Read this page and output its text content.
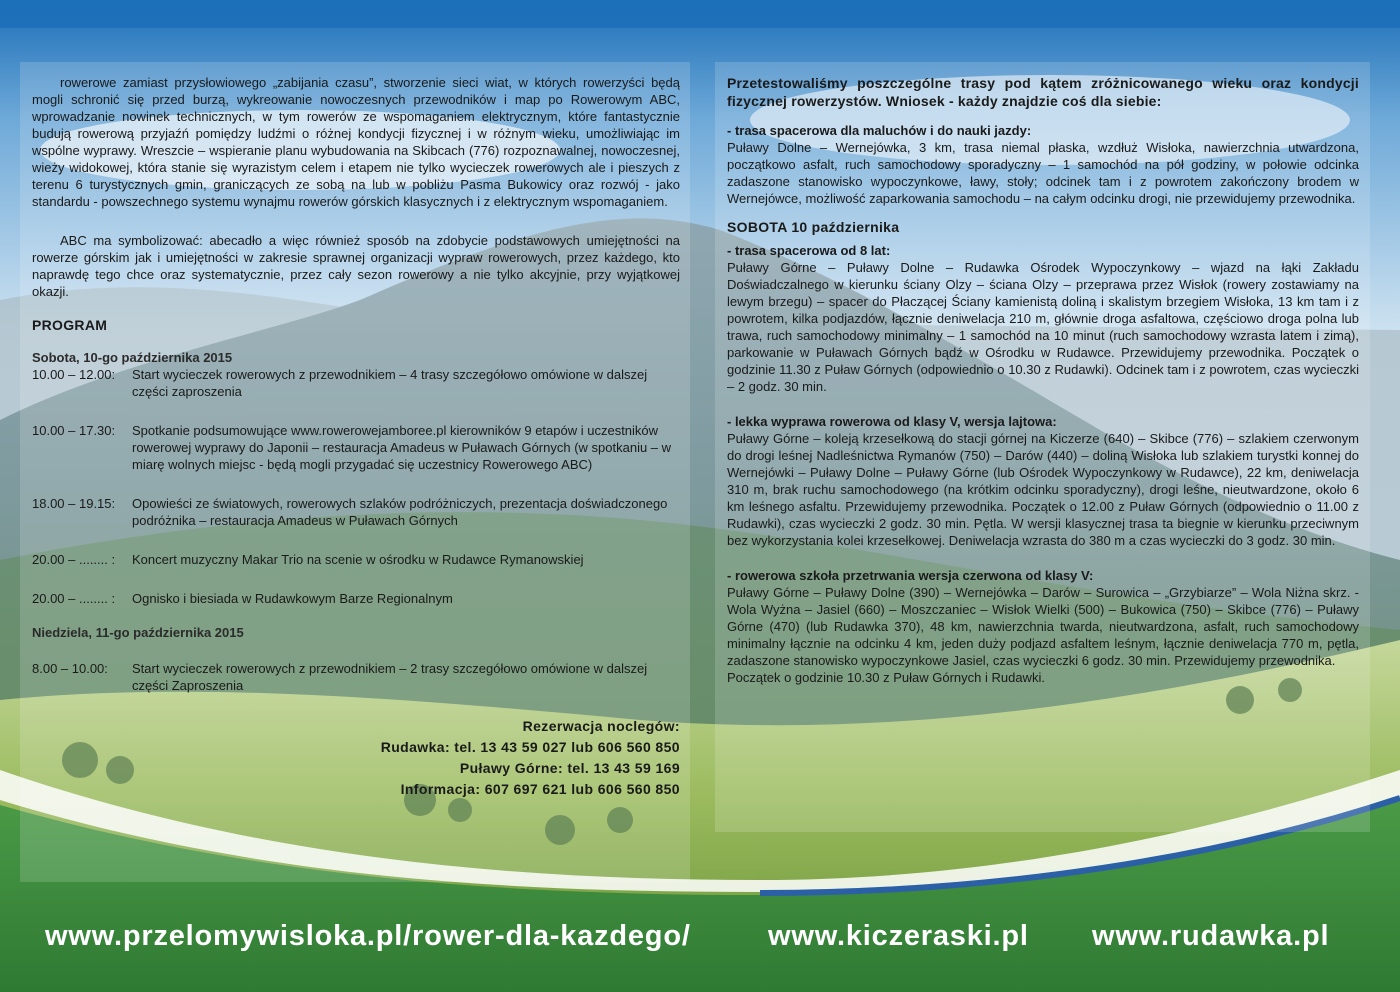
rowerowe zamiast przysłowiowego „zabijania czasu”, stworzenie sieci wiat, w których rowerzyści będą mogli schronić się przed burzą, wykreowanie nowoczesnych przewodników i map po Rowerowym ABC, wprowadzanie nowinek technicznych, w tym rowerów ze wspomaganiem elektrycznym, które fantastycznie budują rowerową przyjaźń pomiędzy ludźmi o różnej kondycji fizycznej i w różnym wieku, umożliwiając im wspólne wyprawy. Wreszcie – wspieranie planu wybudowania na Skibcach (776) rozpoznawalnej, nowoczesnej, wieży widokowej, która stanie się wyrazistym celem i etapem nie tylko wycieczek rowerowych ale i pieszych z terenu 6 turystycznych gmin, graniczących ze sobą na lub w pobliżu Pasma Bukowicy oraz rozwój - jako standardu - powszechnego systemu wynajmu rowerów górskich klasycznych i z elektrycznym wspomaganiem.

ABC ma symbolizować: abecadło a więc również sposób na zdobycie podstawowych umiejętności na rowerze górskim jak i umiejętności w zakresie sprawnej organizacji wypraw rowerowych, przez każdego, kto naprawdę tego chce oraz systematycznie, przez cały sezon rowerowy a nie tylko akcyjnie, przy wyjątkowej okazji.

PROGRAM

Sobota, 10-go października 2015

10.00 – 12.00:	Start wycieczek rowerowych z przewodnikiem – 4 trasy szczegółowo omówione w dalszej części zaproszenia
10.00 – 17.30:	Spotkanie podsumowujące www.rowerowejamboree.pl kierowników 9 etapów i uczestników rowerowej wyprawy do Japonii – restauracja Amadeus w Puławach Górnych (w spotkaniu – w miarę wolnych miejsc - będą mogli przygadać się uczestnicy Rowerowego ABC)
18.00 – 19.15:	Opowieści ze światowych, rowerowych szlaków podróżniczych, prezentacja doświadczonego podróżnika – restauracja Amadeus w Puławach Górnych
20.00 – ........ :	Koncert muzyczny Makar Trio na scenie w ośrodku w Rudawce Rymanowskiej
20.00 – ........ :	Ognisko i biesiada w Rudawkowym Barze Regionalnym

Niedziela, 11-go października 2015

8.00 – 10.00:	Start wycieczek rowerowych z przewodnikiem – 2 trasy szczegółowo omówione w dalszej części Zaproszenia
Rezerwacja noclegów:
Rudawka: tel. 13 43 59 027 lub 606 560 850
Puławy Górne: tel. 13 43 59 169
Informacja: 607 697 621 lub 606 560 850

Przetestowaliśmy poszczególne trasy pod kątem zróżnicowanego wieku oraz kondycji fizycznej rowerzystów. Wniosek - każdy znajdzie coś dla siebie:

- trasa spacerowa dla maluchów i do nauki jazdy:

Puławy Dolne – Wernejówka, 3 km, trasa niemal płaska, wzdłuż Wisłoka, nawierzchnia utwardzona, początkowo asfalt, ruch samochodowy sporadyczny – 1 samochód na pół godziny, w połowie odcinka zadaszone stanowisko wypoczynkowe, ławy, stoły; odcinek tam i z powrotem zakończony brodem w Wernejówce, możliwość zaparkowania samochodu – na całym odcinku drogi, nie przewidujemy przewodnika.

SOBOTA 10 października

- trasa spacerowa od 8 lat:

Puławy Górne – Puławy Dolne – Rudawka Ośrodek Wypoczynkowy – wjazd na łąki Zakładu Doświadczalnego w kierunku ściany Olzy – ściana Olzy – przeprawa przez Wisłok (rowery zostawiamy na lewym brzegu) – spacer do Płaczącej Ściany kamienistą doliną i skalistym brzegiem Wisłoka, 13 km tam i z powrotem, kilka podjazdów, łącznie deniwelacja 210 m, głównie droga asfaltowa, częściowo droga polna lub trawa, ruch samochodowy minimalny – 1 samochód na 10 minut (ruch samochodowy wzrasta latem i zimą), parkowanie w Puławach Górnych bądź w Ośrodku w Rudawce. Przewidujemy przewodnika. Początek o godzinie 11.30 z Puław Górnych (odpowiednio o 10.30 z Rudawki). Odcinek tam i z powrotem, czas wycieczki – 2 godz. 30 min.

- lekka wyprawa rowerowa od klasy V, wersja lajtowa:

Puławy Górne – koleją krzesełkową do stacji górnej na Kiczerze (640) – Skibce (776) – szlakiem czerwonym do drogi leśnej Nadleśnictwa Rymanów (750) – Darów (440) – doliną Wisłoka lub szlakiem turystki konnej do Wernejówki – Puławy Dolne – Puławy Górne (lub Ośrodek Wypoczynkowy w Rudawce), 22 km, deniwelacja 310 m, brak ruchu samochodowego (na krótkim odcinku sporadyczny), drogi leśne, nieutwardzone, około 6 km leśnego asfaltu. Przewidujemy przewodnika. Początek o 12.00 z Puław Górnych (odpowiednio o 11.00 z Rudawki), czas wycieczki 2 godz. 30 min. Pętla. W wersji klasycznej trasa ta biegnie w kierunku przeciwnym bez wykorzystania kolei krzesełkowej. Deniwelacja wzrasta do 380 m a czas wycieczki do 3 godz. 30 min.

- rowerowa szkoła przetrwania wersja czerwona od klasy V:

Puławy Górne – Puławy Dolne (390) – Wernejówka – Darów – Surowica – „Grzybiarze” – Wola Niżna skrz. - Wola Wyżna – Jasiel (660) – Moszczaniec – Wisłok Wielki (500) – Bukowica (750) – Skibce (776) – Puławy Górne (470) (lub Rudawka 370), 48 km, nawierzchnia twarda, nieutwardzona, asfalt, ruch samochodowy minimalny łącznie na odcinku 4 km, jeden duży podjazd asfaltem leśnym, łącznie deniwelacja 770 m, pętla, zadaszone stanowisko wypoczynkowe Jasiel, czas wycieczki 6 godz. 30 min. Przewidujemy przewodnika.

Początek o godzinie 10.30 z Puław Górnych i Rudawki.

www.przelomywisloka.pl/rower-dla-kazdego/	www.kiczeraski.pl www.rudawka.pl
